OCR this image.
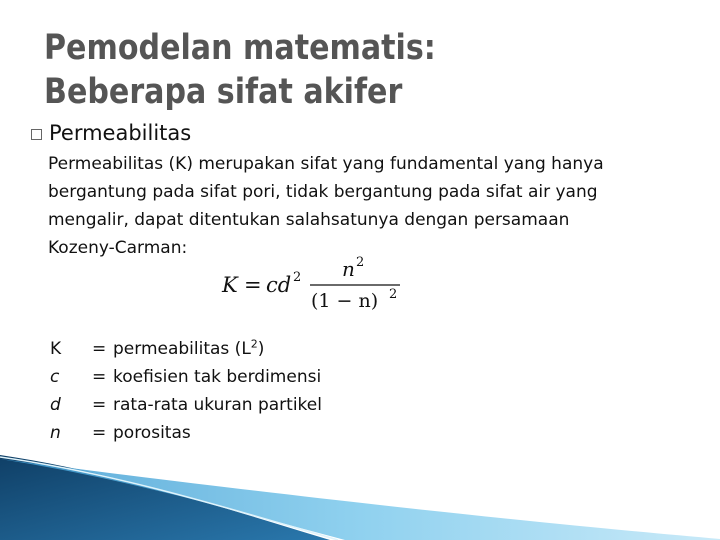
Pemodelan matematis:
Beberapa sifat akifer
Permeabilitas

Permeabilitas (K) merupakan sifat yang fundamental yang hanya
bergantung pada sifat pori, tidak bergantung pada sifat air yang
mengalir, dapat ditentukan salahsatunya dengan persamaan
Kozeny-Carman:

K = cd 2 n 2
(1 − n) 2
K	= permeabilitas $(L^2)$
c	= koefisien tak berdimensi
d	= rata-rata ukuran partikel
n	= porositas
